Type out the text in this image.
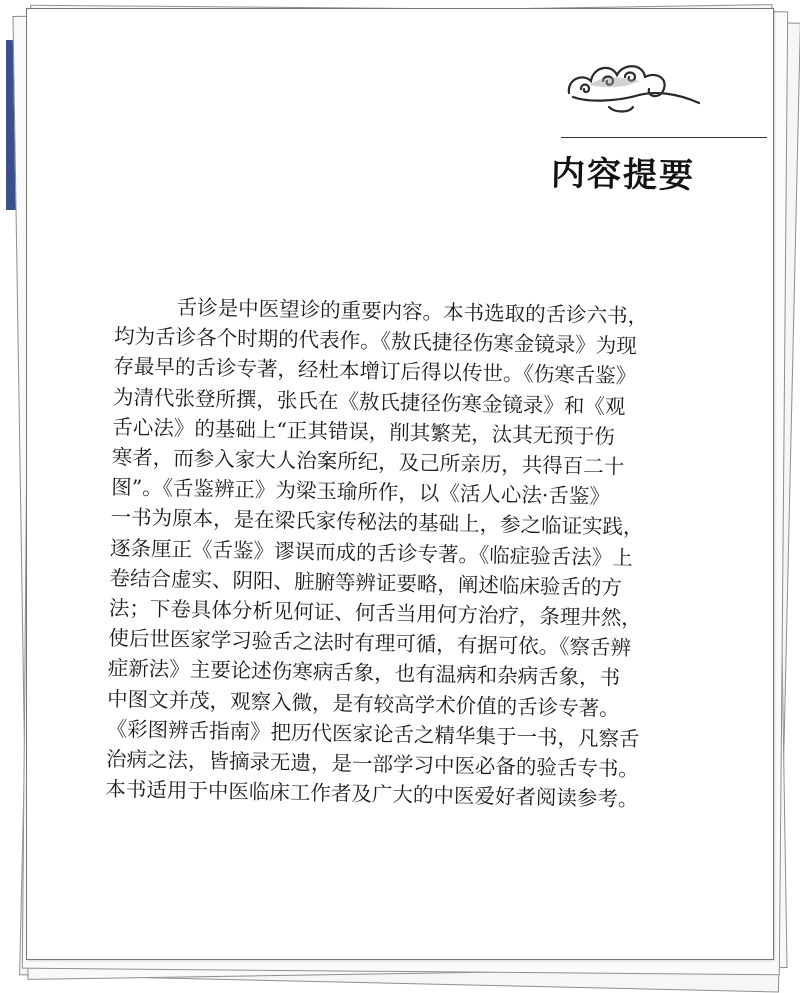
内容提要
舌诊是中医望诊的重要内容。本书选取的舌诊六书，
均为舌诊各个时期的代表作。《敖氏捷径伤寒金镜录》为现
存最早的舌诊专著，经杜本增订后得以传世。《伤寒舌鉴》
为清代张登所撰，张氏在《敖氏捷径伤寒金镜录》和《观
舌心法》的基础上“正其错误，削其繁芜，汰其无预于伤
寒者，而参入家大人治案所纪，及己所亲历，共得百二十
图”。《舌鉴辨正》为梁玉瑜所作，以《活人心法·舌鉴》
一书为原本，是在梁氏家传秘法的基础上，参之临证实践，
逐条厘正《舌鉴》谬误而成的舌诊专著。《临症验舌法》上
卷结合虚实、阴阳、脏腑等辨证要略，阐述临床验舌的方
法；下卷具体分析见何证、何舌当用何方治疗，条理井然，
使后世医家学习验舌之法时有理可循，有据可依。《察舌辨
症新法》主要论述伤寒病舌象，也有温病和杂病舌象，书
中图文并茂，观察入微，是有较高学术价值的舌诊专著。
《彩图辨舌指南》把历代医家论舌之精华集于一书，凡察舌
治病之法，皆摘录无遗，是一部学习中医必备的验舌专书。
本书适用于中医临床工作者及广大的中医爱好者阅读参考。
